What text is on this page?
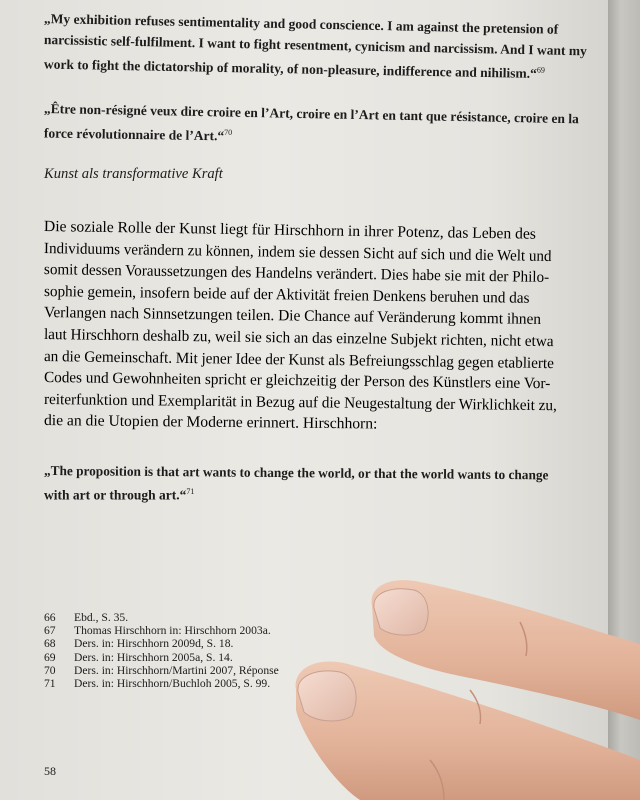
„My exhibition refuses sentimentality and good conscience. I am against the pretension of
narcissistic self-fulfilment. I want to fight resentment, cynicism and narcissism. And I want my
work to fight the dictatorship of morality, of non-pleasure, indifference and nihilism.“$^{69}$
„Être non-résigné veux dire croire en l’Art, croire en l’Art en tant que résistance, croire en la
force révolutionnaire de l’Art.“$^{70}$
Kunst als transformative Kraft
Die soziale Rolle der Kunst liegt für Hirschhorn in ihrer Potenz, das Leben des
Individuums verändern zu können, indem sie dessen Sicht auf sich und die Welt und
somit dessen Voraussetzungen des Handelns verändert. Dies habe sie mit der Philo-
sophie gemein, insofern beide auf der Aktivität freien Denkens beruhen und das
Verlangen nach Sinnsetzungen teilen. Die Chance auf Veränderung kommt ihnen
laut Hirschhorn deshalb zu, weil sie sich an das einzelne Subjekt richten, nicht etwa
an die Gemeinschaft. Mit jener Idee der Kunst als Befreiungsschlag gegen etablierte
Codes und Gewohnheiten spricht er gleichzeitig der Person des Künstlers eine Vor-
reiterfunktion und Exemplarität in Bezug auf die Neugestaltung der Wirklichkeit zu,
die an die Utopien der Moderne erinnert. Hirschhorn:
„The proposition is that art wants to change the world, or that the world wants to change
with art or through art.“$^{71}$
66 Ebd., S. 35.
67 Thomas Hirschhorn in: Hirschhorn 2003a.
68 Ders. in: Hirschhorn 2009d, S. 18.
69 Ders. in: Hirschhorn 2005a, S. 14.
70 Ders. in: Hirschhorn/Martini 2007, Réponse
71 Ders. in: Hirschhorn/Buchloh 2005, S. 99.
58
